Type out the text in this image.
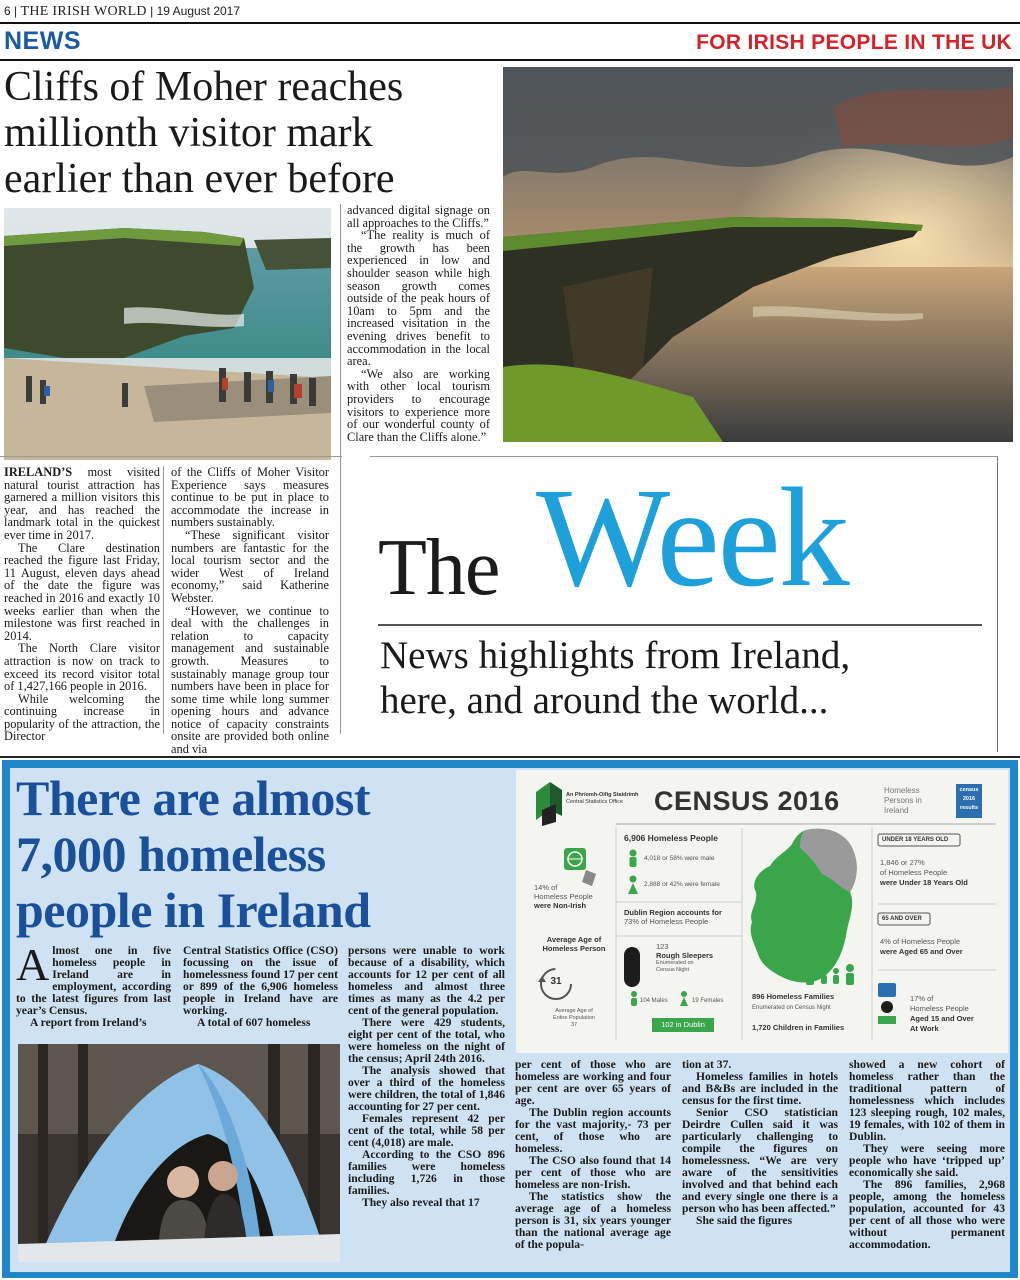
6 | THE IRISH WORLD | 19 August 2017
NEWS	FOR IRISH PEOPLE IN THE UK
Cliffs of Moher reaches
millionth visitor mark
earlier than ever before

IRELAND’S most visited natural tourist attraction has garnered a million visitors this year, and has reached the landmark total in the quickest ever time in 2017.

The Clare destination reached the figure last Friday, 11 August, eleven days ahead of the date the figure was reached in 2016 and exactly 10 weeks earlier than when the milestone was first reached in 2014.

The North Clare visitor attraction is now on track to exceed its record visitor total of 1,427,166 people in 2016.

While welcoming the continuing increase in popularity of the attraction, the Director

of the Cliffs of Moher Visitor Experience says measures continue to be put in place to accommodate the increase in numbers sustainably.

“These significant visitor numbers are fantastic for the local tourism sector and the wider West of Ireland economy,” said Katherine Webster.

“However, we continue to deal with the challenges in relation to capacity management and sustainable growth. Measures to sustainably manage group tour numbers have been in place for some time while long summer opening hours and advance notice of capacity constraints onsite are provided both online and via

advanced digital signage on all approaches to the Cliffs.”

“The reality is much of the growth has been experienced in low and shoulder season while high season growth comes outside of the peak hours of 10am to 5pm and the increased visitation in the evening drives benefit to accommodation in the local area.

“We also are working with other local tourism providers to encourage visitors to experience more of our wonderful county of Clare than the Cliffs alone.”

The Week
News highlights from Ireland,
here, and around the world...
There are almost
7,000 homeless
people in Ireland

Almost one in five homeless people in Ireland are in employment, according to the latest figures from last year’s Census.

A report from Ireland’s

Central Statistics Office (CSO) focussing on the issue of homelessness found 17 per cent or 899 of the 6,906 homeless people in Ireland have are working.

A total of 607 homeless

persons were unable to work because of a disability, which accounts for 12 per cent of all homeless and almost three times as many as the 4.2 per cent of the general population.

There were 429 students, eight per cent of the total, who were homeless on the night of the census; April 24th 2016.

The analysis showed that over a third of the homeless were children, the total of 1,846 accounting for 27 per cent.

Females represent 42 per cent of the total, while 58 per cent (4,018) are male.

According to the CSO 896 families were homeless including 1,726 in those families.

They also reveal that 17

per cent of those who are homeless are working and four per cent are over 65 years of age.

The Dublin region accounts for the vast majority,- 73 per cent, of those who are homeless.

The CSO also found that 14 per cent of those who are homeless are non-Irish.

The statistics show the average age of a homeless person is 31, six years younger than the national average age of the popula-

tion at 37.

Homeless families in hotels and B&Bs are included in the census for the first time.

Senior CSO statistician Deirdre Cullen said it was particularly challenging to compile the figures on homelessness. “We are very aware of the sensitivities involved and that behind each and every single one there is a person who has been affected.”

She said the figures

showed a new cohort of homeless rather than the traditional pattern of homelessness which includes 123 sleeping rough, 102 males, 19 females, with 102 of them in Dublin.

They were seeing more people who have ‘tripped up’ economically she said.

The 896 families, 2,968 people, among the homeless population, accounted for 43 per cent of all those who were without permanent accommodation.

An Phríomh-Oifig Staidrimh
Central Statistics Office	CENSUS 2016	Homeless
Persons in
Ireland
census
2016
results
6,906 Homeless People
4,018 or 58% were male
2,888 or 42% were female
14% of
Homeless People
were Non-Irish
Dublin Region accounts for
73% of Homeless People
Average Age of
Homeless Person
31
Average Age of
Entire Population
37
123
Rough Sleepers
Enumerated on
Census Night
104 Males	19 Females
102 in Dublin
896 Homeless Families
Enumerated on Census Night
1,720 Children in Families
UNDER 18 YEARS OLD
1,846 or 27%
of Homeless People
were Under 18 Years Old
65 AND OVER
4% of Homeless People
were Aged 65 and Over
17% of
Homeless People
Aged 15 and Over
At Work
